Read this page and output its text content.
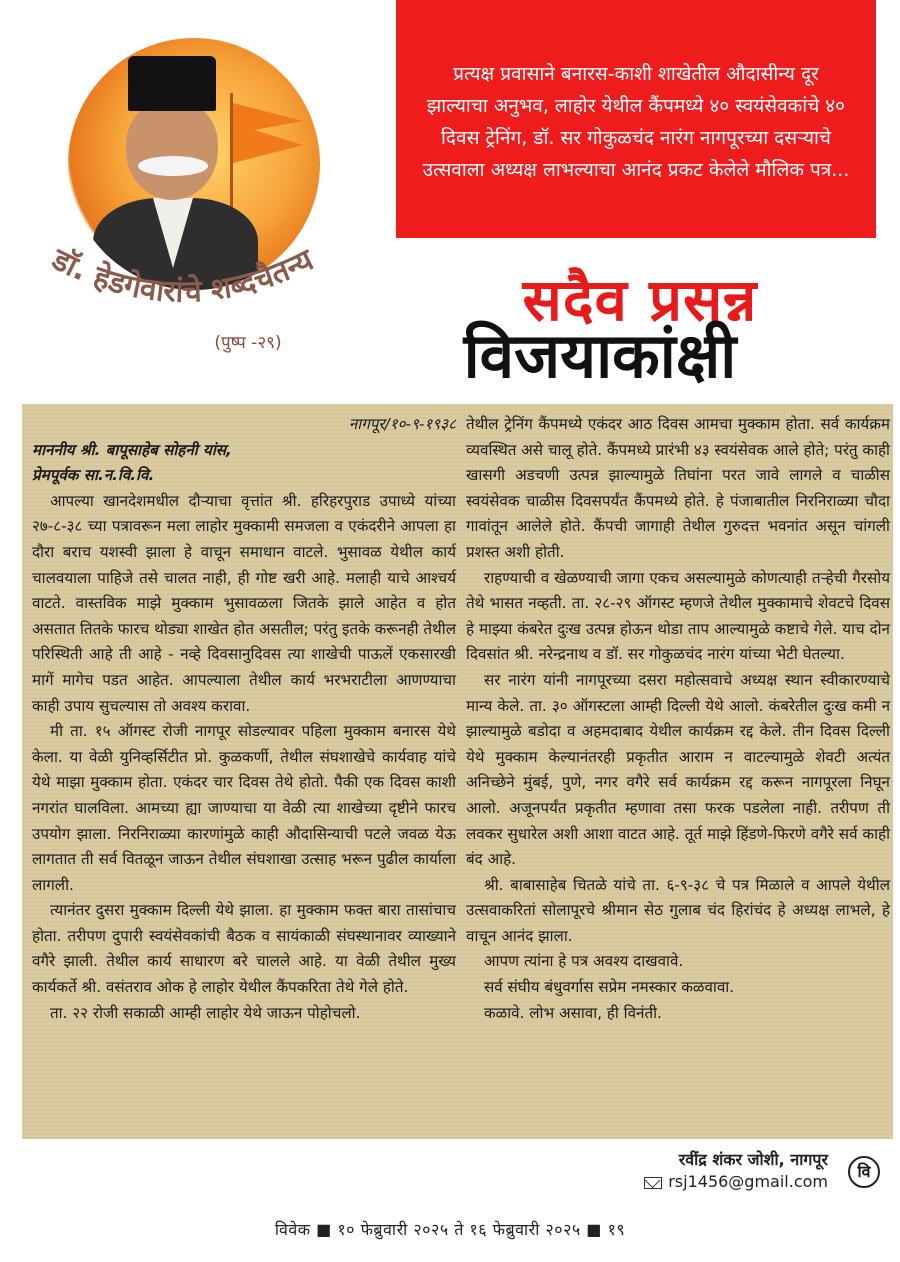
डॉ. हेडगेवारांचे शब्दचैतन्य
(पुष्प -२९)
प्रत्यक्ष प्रवासाने बनारस-काशी शाखेतील औदासीन्य दूर झाल्याचा अनुभव, लाहोर येथील कैंपमध्ये ४० स्वयंसेवकांचे ४० दिवस ट्रेनिंग, डॉ. सर गोकुळचंद नारंग नागपूरच्या दसऱ्याचे उत्सवाला अध्यक्ष लाभल्याचा आनंद प्रकट केलेले मौलिक पत्र...
सदैव प्रसन्न
विजयाकांक्षी

नागपूर/१०-९-१९३८

माननीय श्री. बापूसाहेब सोहनी यांस,

प्रेमपूर्वक सा.न.वि.वि.

आपल्या खानदेशमधील दौऱ्याचा वृत्तांत श्री. हरिहरपुराड उपाध्ये यांच्या २७-८-३८ च्या पत्रावरून मला लाहोर मुक्कामी समजला व एकंदरीने आपला हा दौरा बराच यशस्वी झाला हे वाचून समाधान वाटले. भुसावळ येथील कार्य चालवयाला पाहिजे तसे चालत नाही, ही गोष्ट खरी आहे. मलाही याचे आश्चर्य वाटते. वास्तविक माझे मुक्काम भुसावळला जितके झाले आहेत व होत असतात तितके फारच थोड्या शाखेत होत असतील; परंतु इतके करूनही तेथील परिस्थिती आहे ती आहे - नव्हे दिवसानुदिवस त्या शाखेची पाऊलें एकसारखी मागें मागेच पडत आहेत. आपल्याला तेथील कार्य भरभराटीला आणण्याचा काही उपाय सुचल्यास तो अवश्य करावा.

मी ता. १५ ऑगस्ट रोजी नागपूर सोडल्यावर पहिला मुक्काम बनारस येथे केला. या वेळी युनिव्हर्सिटीत प्रो. कुळकर्णी, तेथील संघशाखेचे कार्यवाह यांचे येथे माझा मुक्काम होता. एकंदर चार दिवस तेथे होतो. पैकी एक दिवस काशी नगरांत घालविला. आमच्या ह्या जाण्याचा या वेळी त्या शाखेच्या दृष्टीने फारच उपयोग झाला. निरनिराळ्या कारणांमुळे काही औदासिन्याची पटले जवळ येऊ लागतात ती सर्व वितळून जाऊन तेथील संघशाखा उत्साह भरून पुढील कार्याला लागली.

त्यानंतर दुसरा मुक्काम दिल्ली येथे झाला. हा मुक्काम फक्त बारा तासांचाच होता. तरीपण दुपारी स्वयंसेवकांची बैठक व सायंकाळी संघस्थानावर व्याख्याने वगैरे झाली. तेथील कार्य साधारण बरे चालले आहे. या वेळी तेथील मुख्य कार्यकर्ते श्री. वसंतराव ओक हे लाहोर येथील कैंपकरिता तेथे गेले होते.

ता. २२ रोजी सकाळी आम्ही लाहोर येथे जाऊन पोहोचलो.

तेथील ट्रेनिंग कैंपमध्ये एकंदर आठ दिवस आमचा मुक्काम होता. सर्व कार्यक्रम व्यवस्थित असे चालू होते. कैंपमध्ये प्रारंभी ४३ स्वयंसेवक आले होते; परंतु काही खासगी अडचणी उत्पन्न झाल्यामुळे तिघांना परत जावे लागले व चाळीस स्वयंसेवक चाळीस दिवसपर्यंत कैंपमध्ये होते. हे पंजाबातील निरनिराळ्या चौदा गावांतून आलेले होते. कैंपची जागाही तेथील गुरुदत्त भवनांत असून चांगली प्रशस्त अशी होती.

राहण्याची व खेळण्याची जागा एकच असल्यामुळे कोणत्याही तऱ्हेची गैरसोय तेथे भासत नव्हती. ता. २८-२९ ऑगस्ट म्हणजे तेथील मुक्कामाचे शेवटचे दिवस हे माझ्या कंबरेत दुःख उत्पन्न होऊन थोडा ताप आल्यामुळे कष्टाचे गेले. याच दोन दिवसांत श्री. नरेन्द्रनाथ व डॉ. सर गोकुळचंद नारंग यांच्या भेटी घेतल्या.

सर नारंग यांनी नागपूरच्या दसरा महोत्सवाचे अध्यक्ष स्थान स्वीकारण्याचे मान्य केले. ता. ३० ऑगस्टला आम्ही दिल्ली येथे आलो. कंबरेतील दुःख कमी न झाल्यामुळे बडोदा व अहमदाबाद येथील कार्यक्रम रद्द केले. तीन दिवस दिल्ली येथे मुक्काम केल्यानंतरही प्रकृतीत आराम न वाटल्यामुळे शेवटी अत्यंत अनिच्छेने मुंबई, पुणे, नगर वगैरे सर्व कार्यक्रम रद्द करून नागपूरला निघून आलो. अजूनपर्यंत प्रकृतीत म्हणावा तसा फरक पडलेला नाही. तरीपण ती लवकर सुधारेल अशी आशा वाटत आहे. तूर्त माझे हिंडणे-फिरणे वगैरे सर्व काही बंद आहे.

श्री. बाबासाहेब चितळे यांचे ता. ६-९-३८ चे पत्र मिळाले व आपले येथील उत्सवाकरितां सोलापूरचे श्रीमान सेठ गुलाब चंद हिरांचंद हे अध्यक्ष लाभले, हे वाचून आनंद झाला.

आपण त्यांना हे पत्र अवश्य दाखवावे.

सर्व संघीय बंधुवर्गास सप्रेम नमस्कार कळवावा.

कळावे. लोभ असावा, ही विनंती.

रवींद्र शंकर जोशी, नागपूर
rsj1456@gmail.com
वि
विवेक ■ १० फेब्रुवारी २०२५ ते १६ फेब्रुवारी २०२५ ■ १९
